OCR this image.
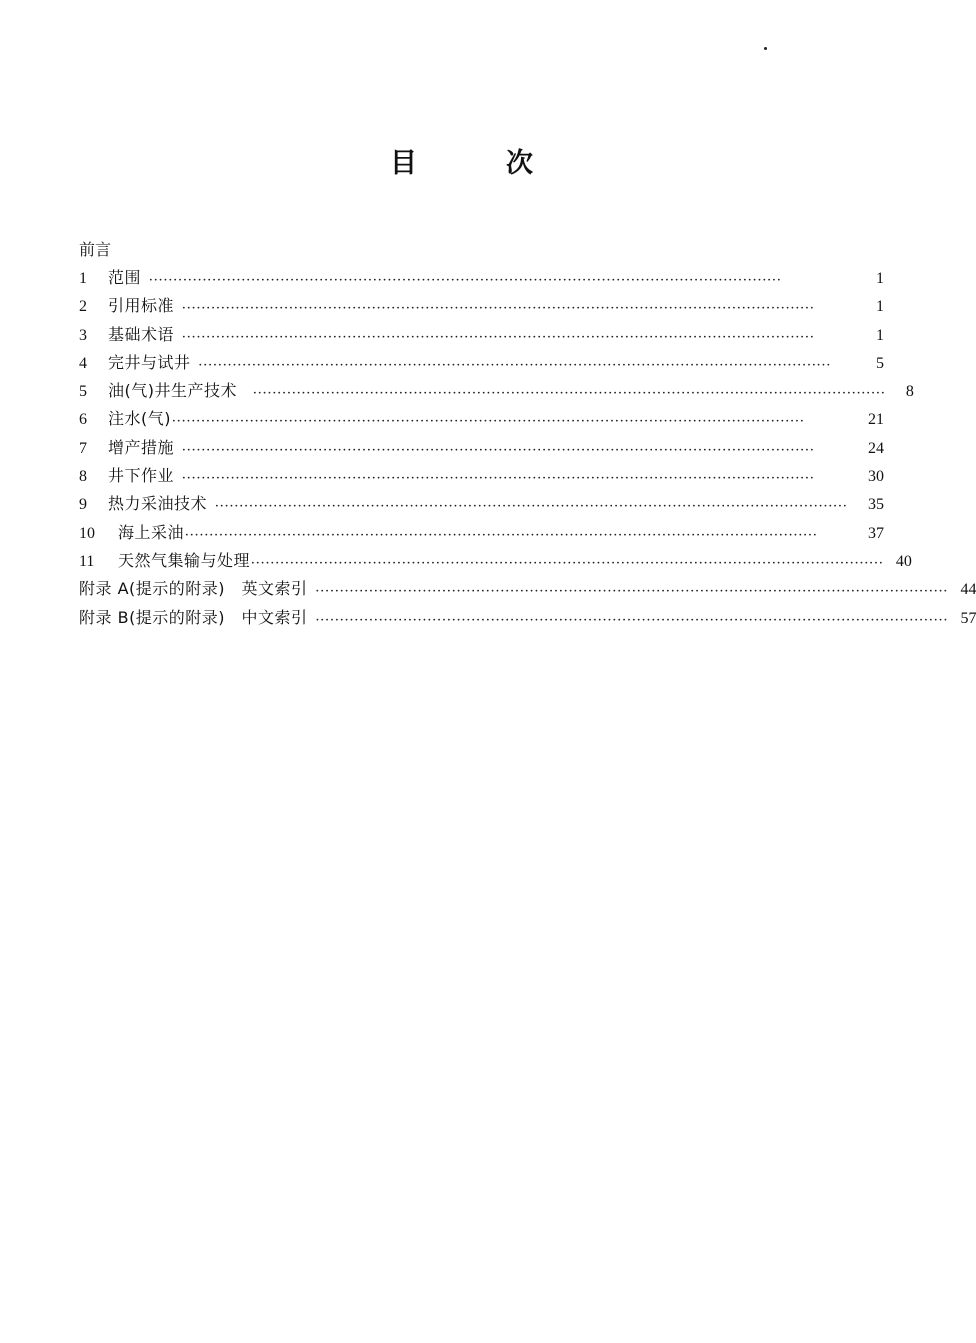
目	次
前言
1	范围 ··································································································································	1
2	引用标准 ··································································································································	1
3	基础术语 ··································································································································	1
4	完井与试井 ··································································································································	5
5	油(气)井生产技术 ··································································································································	8
6	注水(气) ··································································································································	21
7	增产措施 ··································································································································	24
8	井下作业 ··································································································································	30
9	热力采油技术 ··································································································································	35
10	海上采油 ··································································································································	37
11	天然气集输与处理 ·································································································································· 40
附录 A(提示的附录)　英文索引 ·································································································································· 44
附录 B(提示的附录)　中文索引 ·································································································································· 57
